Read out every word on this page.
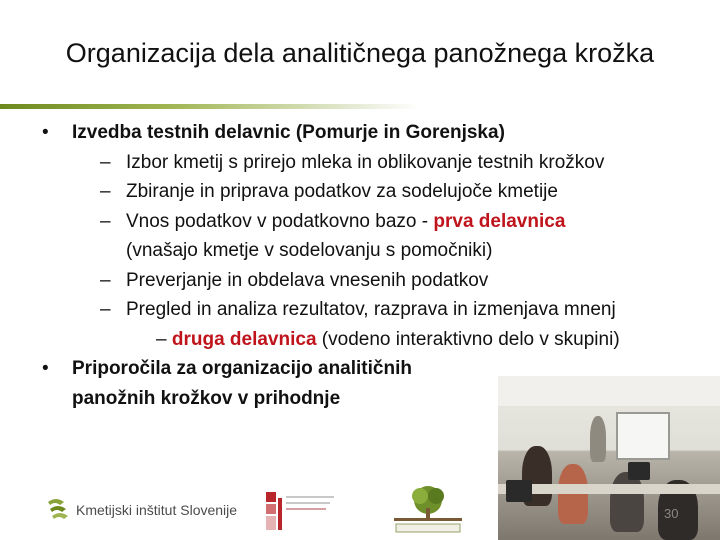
Organizacija dela analitičnega panožnega krožka
• Izvedba testnih delavnic (Pomurje in Gorenjska)
– Izbor kmetij s prirejo mleka in oblikovanje testnih krožkov
– Zbiranje in priprava podatkov za sodelujoče kmetije
– Vnos podatkov v podatkovno bazo - prva delavnica
(vnašajo kmetje v sodelovanju s pomočniki)
– Preverjanje in obdelava vnesenih podatkov
– Pregled in analiza rezultatov, razprava in izmenjava mnenj
– druga delavnica (vodeno interaktivno delo v skupini)
• Priporočila za organizacijo analitičnih
panožnih krožkov v prihodnje
Kmetijski inštitut Slovenije	30
